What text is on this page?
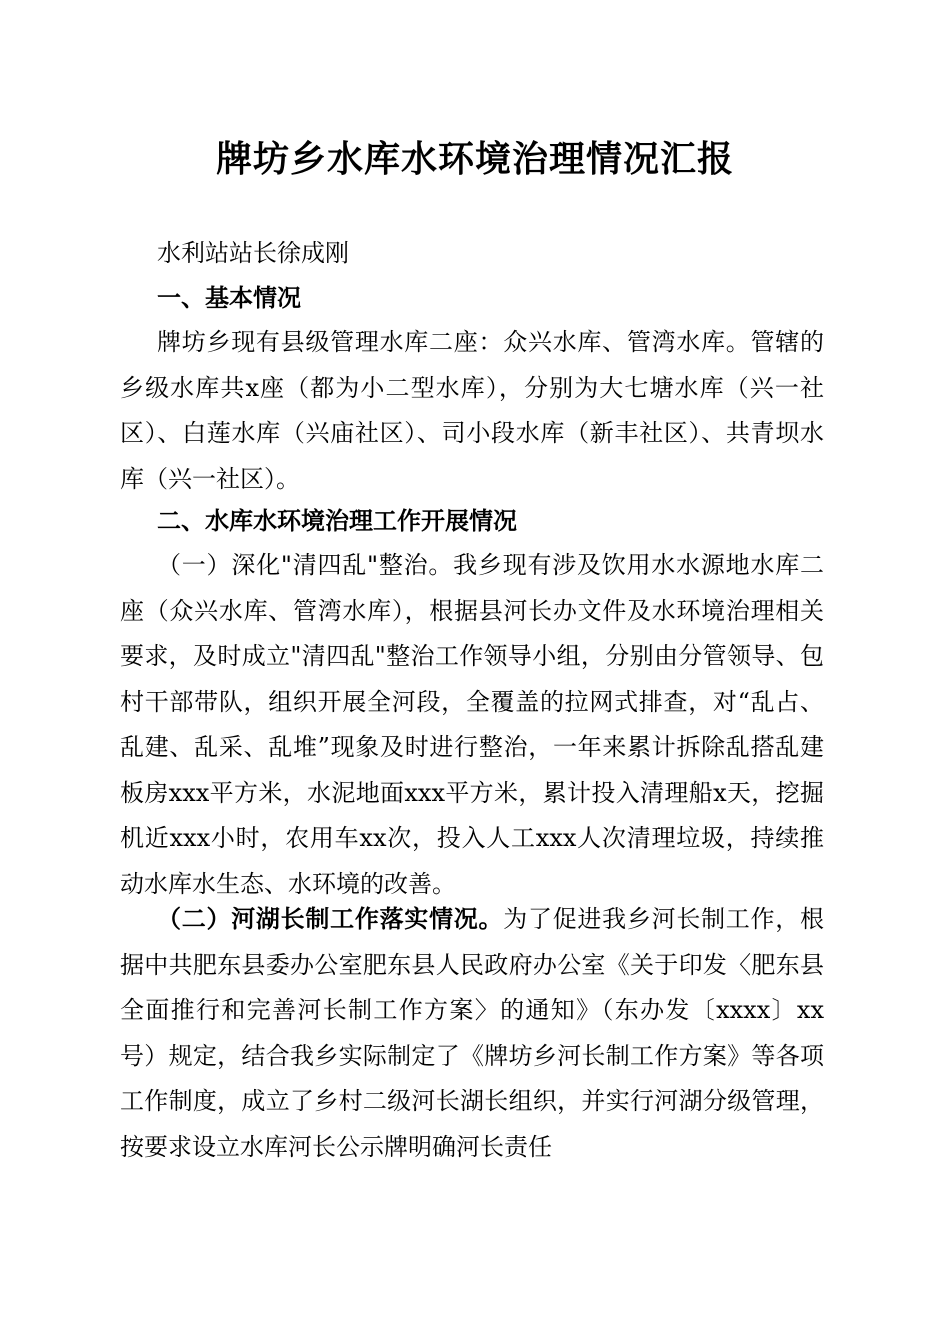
牌坊乡水库水环境治理情况汇报

水利站站长徐成刚

一、基本情况

牌坊乡现有县级管理水库二座：众兴水库、管湾水库。管辖的乡级水库共x座（都为小二型水库），分别为大七塘水库（兴一社区）、白莲水库（兴庙社区）、司小段水库（新丰社区）、共青坝水库（兴一社区）。

二、水库水环境治理工作开展情况

（一）深化"清四乱"整治。我乡现有涉及饮用水水源地水库二座（众兴水库、管湾水库），根据县河长办文件及水环境治理相关要求，及时成立"清四乱"整治工作领导小组，分别由分管领导、包村干部带队，组织开展全河段，全覆盖的拉网式排查，对“乱占、乱建、乱采、乱堆”现象及时进行整治，一年来累计拆除乱搭乱建板房xxx平方米，水泥地面xxx平方米，累计投入清理船x天，挖掘机近xxx小时，农用车xx次，投入人工xxx人次清理垃圾，持续推动水库水生态、水环境的改善。

（二）河湖长制工作落实情况。为了促进我乡河长制工作，根据中共肥东县委办公室肥东县人民政府办公室《关于印发〈肥东县全面推行和完善河长制工作方案〉的通知》（东办发〔xxxx〕xx号）规定，结合我乡实际制定了《牌坊乡河长制工作方案》等各项工作制度，成立了乡村二级河长湖长组织，并实行河湖分级管理，按要求设立水库河长公示牌明确河长责任
